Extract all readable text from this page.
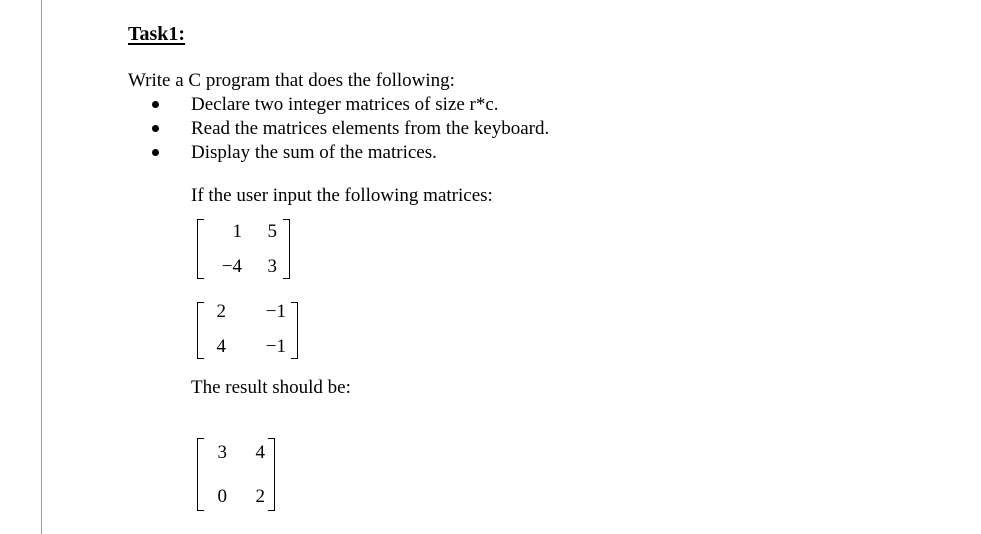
Task1:
Write a C program that does the following:
Declare two integer matrices of size r*c.
Read the matrices elements from the keyboard.
Display the sum of the matrices.
If the user input the following matrices:
1 5
−4 3
2 −1
4 −1
The result should be:
3 4
0 2
